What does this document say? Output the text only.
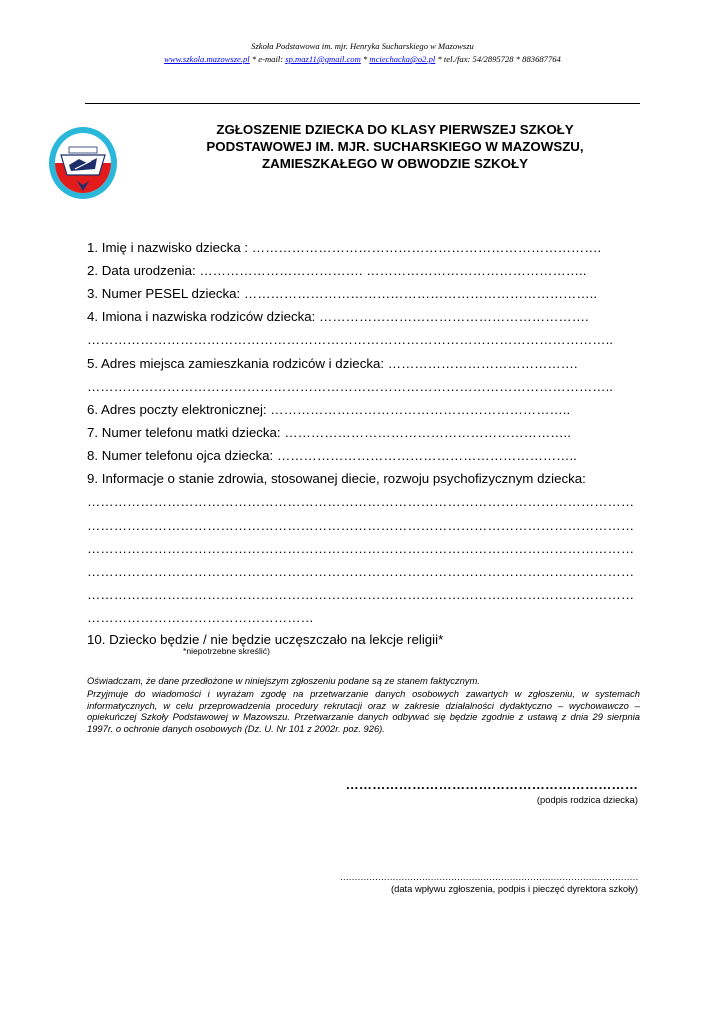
Szkoła Podstawowa im. mjr. Henryka Sucharskiego w Mazowszu
www.szkola.mazowsze.pl * e-mail: sp.maz11@gmail.com * mciechacka@o2.pl * tel./fax: 54/2895728 * 883687764
ZGŁOSZENIE DZIECKA DO KLASY PIERWSZEJ SZKOŁY
PODSTAWOWEJ IM. MJR. SUCHARSKIEGO W MAZOWSZU,
ZAMIESZKAŁEGO W OBWODZIE SZKOŁY
1. Imię i nazwisko dziecka : …………………………………………………………………….
2. Data urodzenia: ………………………………. …………………………………………..
3. Numer PESEL dziecka: ……………………………………………………………………..
4. Imiona i nazwiska rodziców dziecka: …………………………………………………….
………………………………………………………………………………………………………..
5. Adres miejsca zamieszkania rodziców i dziecka: …………………………………….
………………………………………………………………………………………………………..
6. Adres poczty elektronicznej: …………………………………………………………..
7. Numer telefonu matki dziecka: ………………………………………………………..
8. Numer telefonu ojca dziecka: …………………………………………………………..
9. Informacje o stanie zdrowia, stosowanej diecie, rozwoju psychofizycznym dziecka:
……………………………………………………………………………………………………………
……………………………………………………………………………………………………………
……………………………………………………………………………………………………………
……………………………………………………………………………………………………………
……………………………………………………………………………………………………………
……………………………………………
10. Dziecko będzie / nie będzie uczęszczało na lekcje religii*
*niepotrzebne skreślić)
Oświadczam, że dane przedłożone w niniejszym zgłoszeniu podane są ze stanem faktycznym.
Przyjmuje do wiadomości i wyrażam zgodę na przetwarzanie danych osobowych zawartych w zgłoszeniu, w systemach informatycznych, w celu przeprowadzenia procedury rekrutacji oraz w zakresie działalności dydaktyczno – wychowawczo – opiekuńczej Szkoły Podstawowej w Mazowszu. Przetwarzanie danych odbywać się będzie zgodnie z ustawą z dnia 29 sierpnia 1997r. o ochronie danych osobowych (Dz. U. Nr 101 z 2002r. poz. 926).
…………………………………………………………
(podpis rodzica dziecka)
…………………………………………………………………………………………
(data wpływu zgłoszenia, podpis i pieczęć dyrektora szkoły)
